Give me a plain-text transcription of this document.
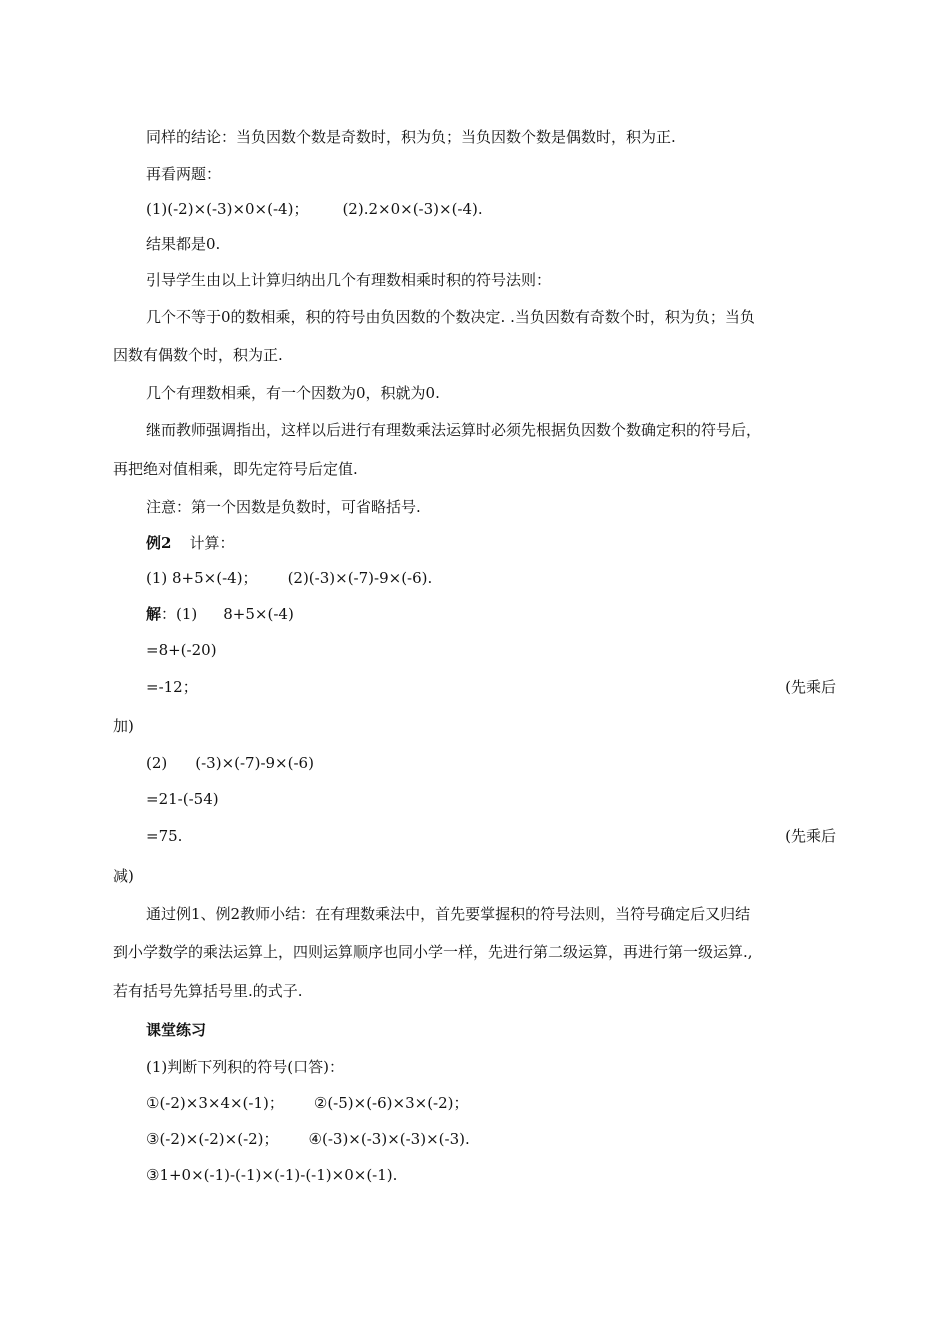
同样的结论：当负因数个数是奇数时，积为负；当负因数个数是偶数时，积为正.
再看两题：
(1)(-2)×(-3)×0×(-4)； (2).2×0×(-3)×(-4).
结果都是0.
引导学生由以上计算归纳出几个有理数相乘时积的符号法则：
几个不等于0的数相乘，积的符号由负因数的个数决定. .当负因数有奇数个时，积为负；当负
因数有偶数个时，积为正.
几个有理数相乘，有一个因数为0，积就为0.
继而教师强调指出，这样以后进行有理数乘法运算时必须先根据负因数个数确定积的符号后，
再把绝对值相乘，即先定符号后定值.
注意：第一个因数是负数时，可省略括号.
例2 计算：
(1) 8+5×(-4)； (2)(-3)×(-7)-9×(-6).
解：(1) 8+5×(-4)
=8+(-20)
=-12；	(先乘后
加)
(2) (-3)×(-7)-9×(-6)
=21-(-54)
=75.	(先乘后
减)
通过例1、例2教师小结：在有理数乘法中，首先要掌握积的符号法则，当符号确定后又归结
到小学数学的乘法运算上，四则运算顺序也同小学一样，先进行第二级运算，再进行第一级运算.,
若有括号先算括号里.的式子.
课堂练习
(1)判断下列积的符号(口答)：
①(-2)×3×4×(-1)； ②(-5)×(-6)×3×(-2)；
③(-2)×(-2)×(-2)； ④(-3)×(-3)×(-3)×(-3).
③1+0×(-1)-(-1)×(-1)-(-1)×0×(-1).
